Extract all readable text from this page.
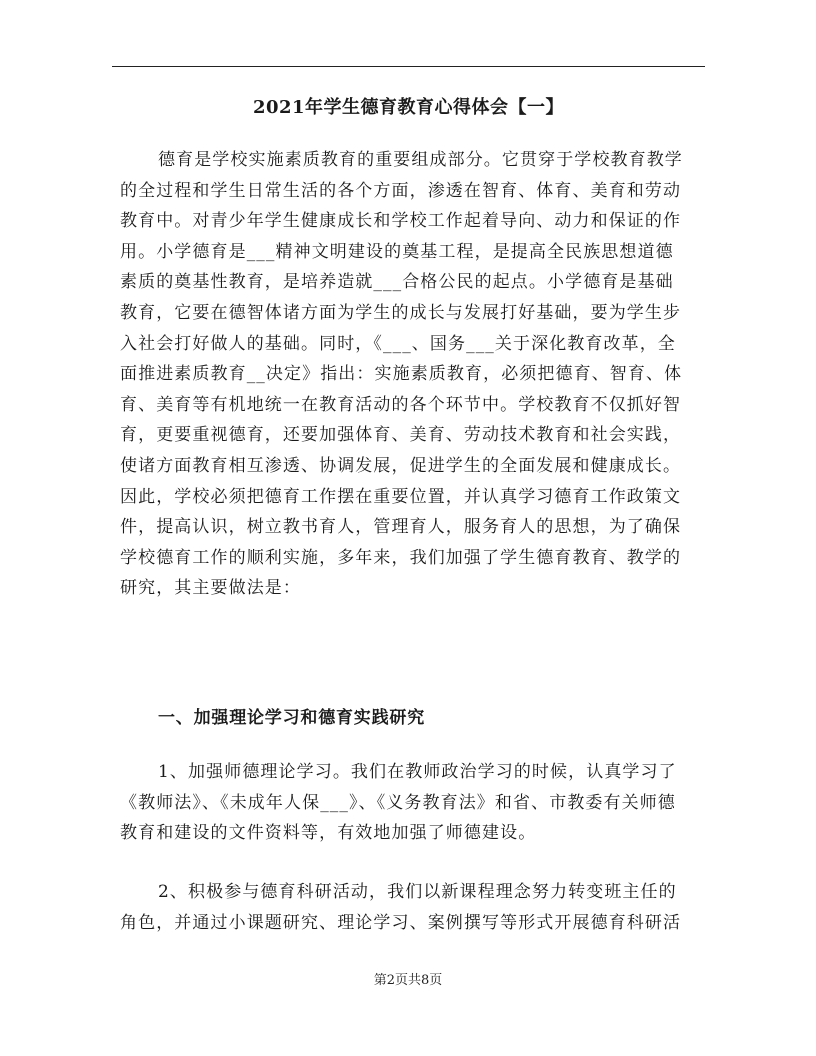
2021年学生德育教育心得体会【一】
德育是学校实施素质教育的重要组成部分。它贯穿于学校教育教学
的全过程和学生日常生活的各个方面，渗透在智育、体育、美育和劳动
教育中。对青少年学生健康成长和学校工作起着导向、动力和保证的作
用。小学德育是___精神文明建设的奠基工程，是提高全民族思想道德
素质的奠基性教育，是培养造就___合格公民的起点。小学德育是基础
教育，它要在德智体诸方面为学生的成长与发展打好基础，要为学生步
入社会打好做人的基础。同时，《___、国务___关于深化教育改革，全
面推进素质教育__决定》指出：实施素质教育，必须把德育、智育、体
育、美育等有机地统一在教育活动的各个环节中。学校教育不仅抓好智
育，更要重视德育，还要加强体育、美育、劳动技术教育和社会实践，
使诸方面教育相互渗透、协调发展，促进学生的全面发展和健康成长。
因此，学校必须把德育工作摆在重要位置，并认真学习德育工作政策文
件，提高认识，树立教书育人，管理育人，服务育人的思想，为了确保
学校德育工作的顺利实施，多年来，我们加强了学生德育教育、教学的
研究，其主要做法是：
一、加强理论学习和德育实践研究
1、加强师德理论学习。我们在教师政治学习的时候，认真学习了
《教师法》、《未成年人保___》、《义务教育法》和省、市教委有关师德
教育和建设的文件资料等，有效地加强了师德建设。
2、积极参与德育科研活动，我们以新课程理念努力转变班主任的
角色，并通过小课题研究、理论学习、案例撰写等形式开展德育科研活
第2页共8页
